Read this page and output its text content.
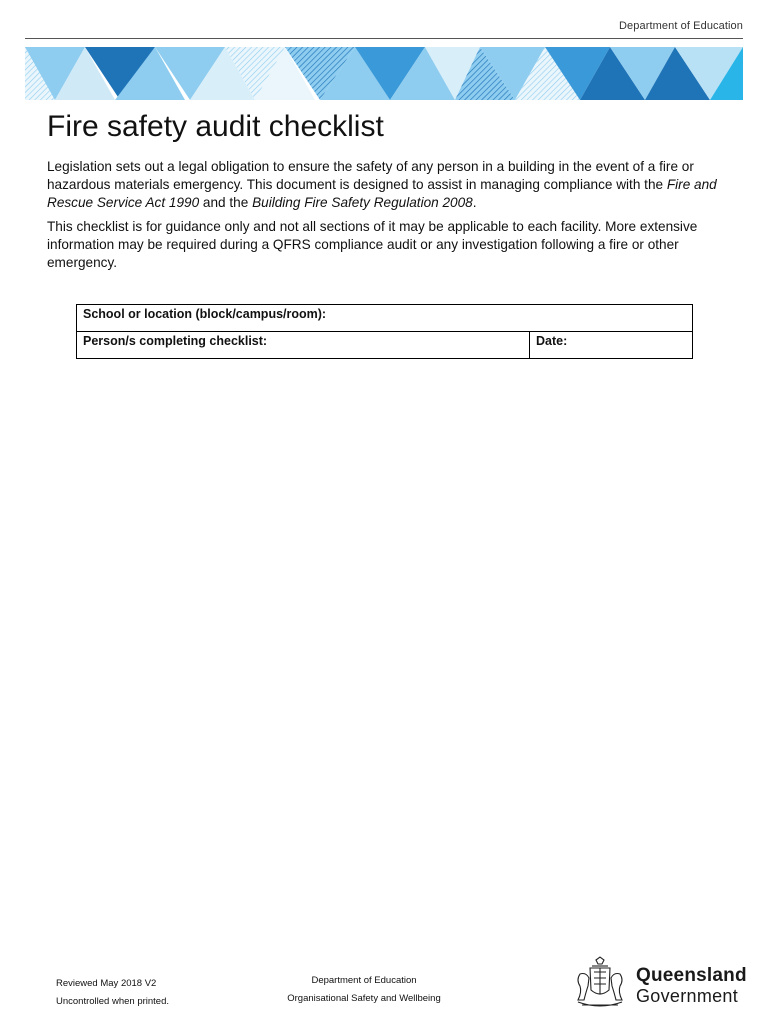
Department of Education
Fire safety audit checklist

Legislation sets out a legal obligation to ensure the safety of any person in a building in the event of a fire or hazardous materials emergency. This document is designed to assist in managing compliance with the Fire and Rescue Service Act 1990 and the Building Fire Safety Regulation 2008.

This checklist is for guidance only and not all sections of it may be applicable to each facility. More extensive information may be required during a QFRS compliance audit or any investigation following a fire or other emergency.

School or location (block/campus/room):
Person/s completing checklist:	Date:
Reviewed May 2018 V2
Uncontrolled when printed.
Department of Education
Organisational Safety and Wellbeing
Queensland
Government
